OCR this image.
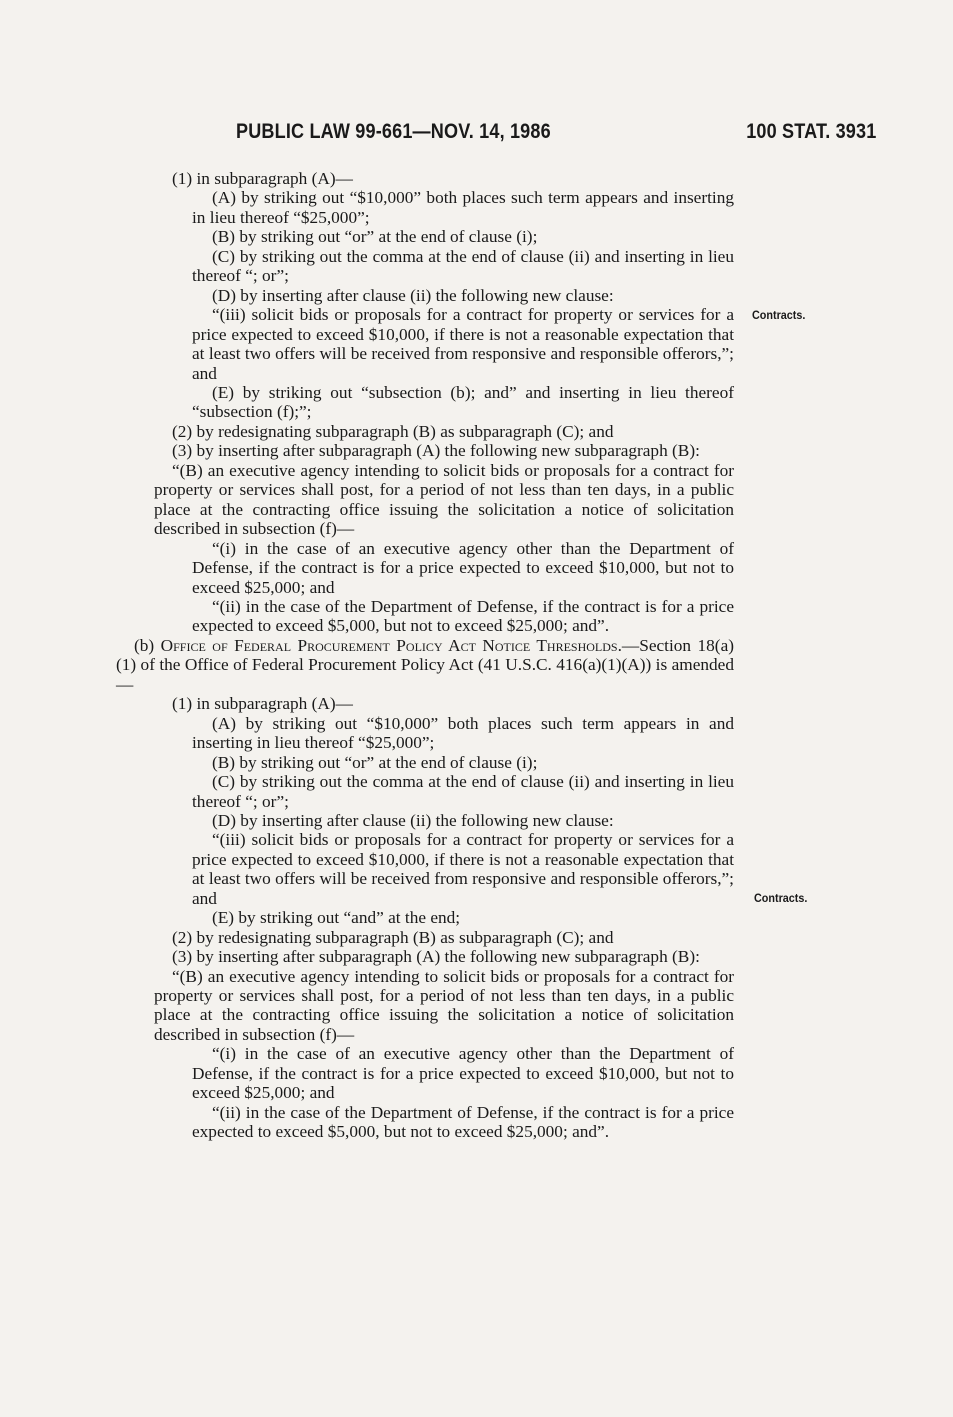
PUBLIC LAW 99-661—NOV. 14, 1986	100 STAT. 3931
Contracts.
Contracts.

(1) in subparagraph (A)—

(A) by striking out “$10,000” both places such term appears and inserting in lieu thereof “$25,000”;

(B) by striking out “or” at the end of clause (i);

(C) by striking out the comma at the end of clause (ii) and inserting in lieu thereof “; or”;

(D) by inserting after clause (ii) the following new clause:

“(iii) solicit bids or proposals for a contract for property or services for a price expected to exceed $10,000, if there is not a reasonable expectation that at least two offers will be received from responsive and responsible offerors,”; and

(E) by striking out “subsection (b); and” and inserting in lieu thereof “subsection (f);”;

(2) by redesignating subparagraph (B) as subparagraph (C); and

(3) by inserting after subparagraph (A) the following new subparagraph (B):

“(B) an executive agency intending to solicit bids or proposals for a contract for property or services shall post, for a period of not less than ten days, in a public place at the contracting office issuing the solicitation a notice of solicitation described in subsection (f)—

“(i) in the case of an executive agency other than the Department of Defense, if the contract is for a price expected to exceed $10,000, but not to exceed $25,000; and

“(ii) in the case of the Department of Defense, if the contract is for a price expected to exceed $5,000, but not to exceed $25,000; and”.

(b) Office of Federal Procurement Policy Act Notice Thresholds.—Section 18(a)(1) of the Office of Federal Procurement Policy Act (41 U.S.C. 416(a)(1)(A)) is amended—

(1) in subparagraph (A)—

(A) by striking out “$10,000” both places such term appears in and inserting in lieu thereof “$25,000”;

(B) by striking out “or” at the end of clause (i);

(C) by striking out the comma at the end of clause (ii) and inserting in lieu thereof “; or”;

(D) by inserting after clause (ii) the following new clause:

“(iii) solicit bids or proposals for a contract for property or services for a price expected to exceed $10,000, if there is not a reasonable expectation that at least two offers will be received from responsive and responsible offerors,”; and

(E) by striking out “and” at the end;

(2) by redesignating subparagraph (B) as subparagraph (C); and

(3) by inserting after subparagraph (A) the following new subparagraph (B):

“(B) an executive agency intending to solicit bids or proposals for a contract for property or services shall post, for a period of not less than ten days, in a public place at the contracting office issuing the solicitation a notice of solicitation described in subsection (f)—

“(i) in the case of an executive agency other than the Department of Defense, if the contract is for a price expected to exceed $10,000, but not to exceed $25,000; and

“(ii) in the case of the Department of Defense, if the contract is for a price expected to exceed $5,000, but not to exceed $25,000; and”.
